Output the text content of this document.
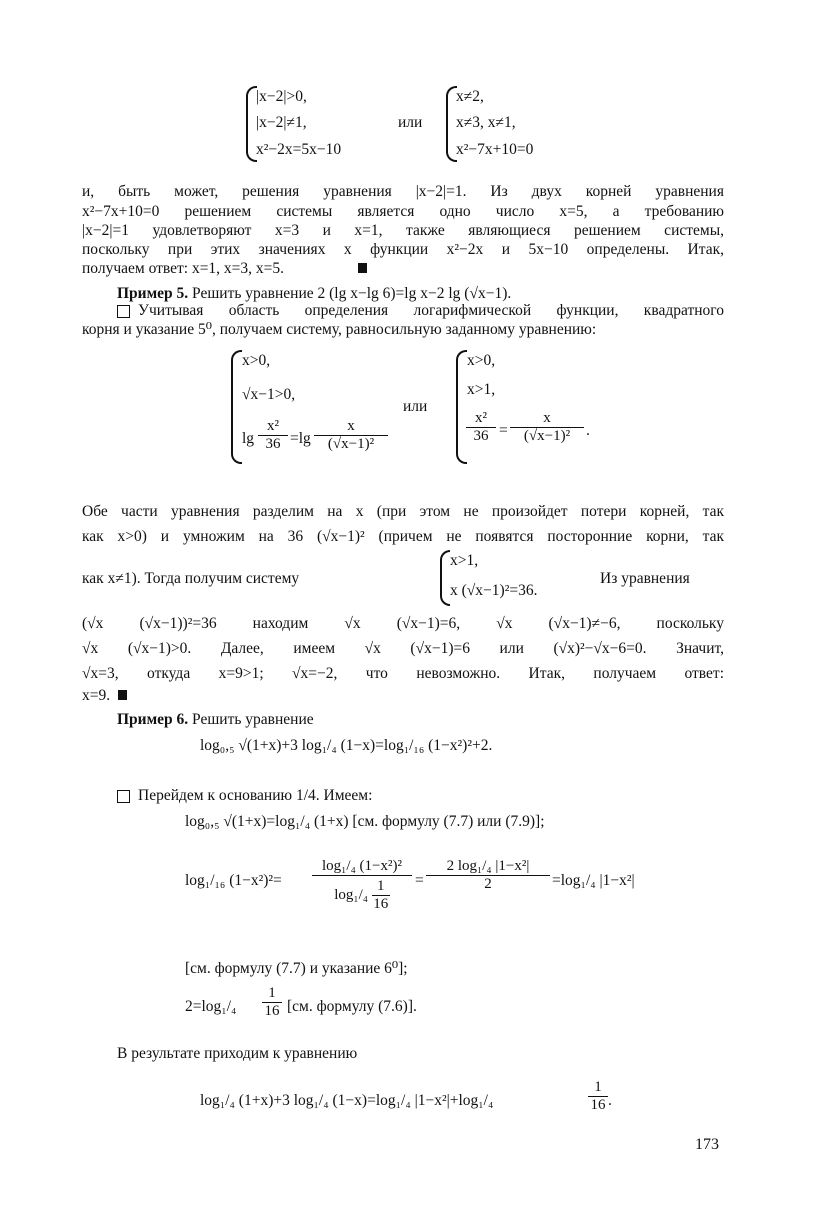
|x−2|>0,
|x−2|≠1,
x²−2x=5x−10
или
x≠2,
x≠3, x≠1,
x²−7x+10=0
и, быть может, решения уравнения |x−2|=1. Из двух корней уравнения
x²−7x+10=0 решением системы является одно число x=5, а требованию
|x−2|=1 удовлетворяют x=3 и x=1, также являющиеся решением системы,
поскольку при этих значениях x функции x²−2x и 5x−10 определены. Итак,
получаем ответ: x=1, x=3, x=5.
Пример 5. Решить уравнение 2 (lg x−lg 6)=lg x−2 lg (√x−1).
Учитывая область определения логарифмической функции, квадратного
корня и указание 5⁰, получаем систему, равносильную заданному уравнению:
x>0,
√x−1>0,
$\lg \frac{\text{x²}}{36} =\lg \frac{x}{\text{(√x−1)²}}$
или
x>0,
x>1,
$\frac{\text{x²}}{36} = \frac{x}{\text{(√x−1)²}}$ .
Обе части уравнения разделим на x (при этом не произойдет потери корней, так
как x>0) и умножим на 36 (√x−1)² (причем не появятся посторонние корни, так
как x≠1). Тогда получим систему
x>1,
x (√x−1)²=36.
Из уравнения
(√x (√x−1))²=36 находим √x (√x−1)=6, √x (√x−1)≠−6, поскольку
√x (√x−1)>0. Далее, имеем √x (√x−1)=6 или (√x)²−√x−6=0. Значит,
√x=3, откуда x=9>1; √x=−2, что невозможно. Итак, получаем ответ:
x=9.
Пример 6. Решить уравнение
log₀,₅ √(1+x)+3 log₁/₄ (1−x)=log₁/₁₆ (1−x²)²+2.
Перейдем к основанию 1/4. Имеем:
log₀,₅ √(1+x)=log₁/₄ (1+x) [см. формулу (7.7) или (7.9)];
log₁/₁₆ $(1-x^2)^2= \frac{\text{log₁/₄ (1−x²)²}}{\log_1/_4 \frac{1}{16}} = \frac{\text{2 log₁/₄ |1−x²|}}{2} =\log_1/_4$ |1−x²|
[см. формулу (7.7) и указание 6⁰];
$2=\log_1/_4 \frac{1}{16} [см$. формулу (7.6)].
В результате приходим к уравнению
log₁/₄ (1+x)+3 log₁/₄ (1−x)=log₁/₄ |1−x²|+log₁/₄	$\frac{1}{16}$ .
173
